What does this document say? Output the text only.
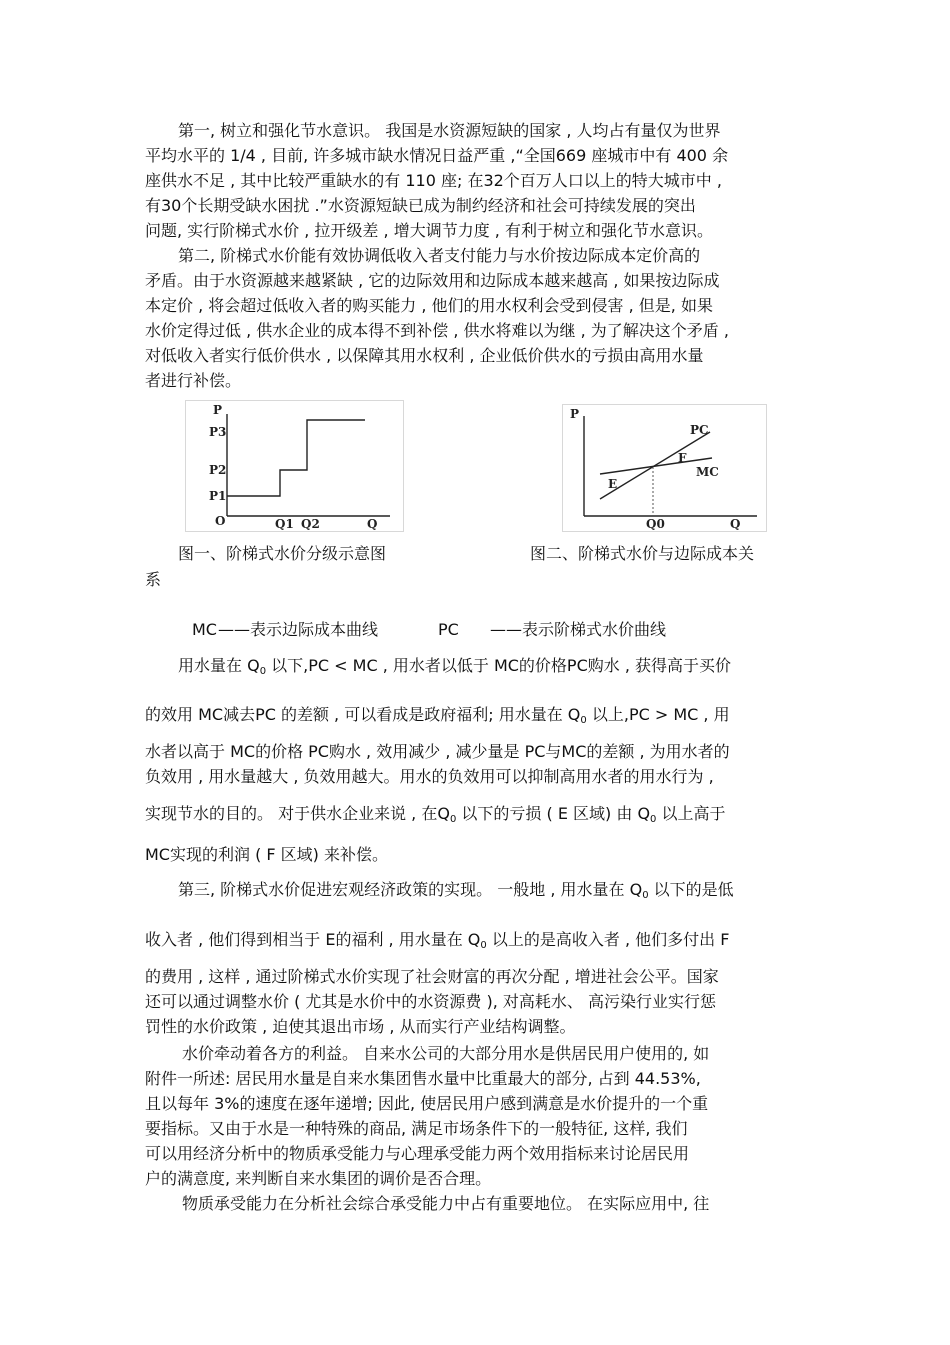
第一, 树立和强化节水意识。 我国是水资源短缺的国家 , 人均占有量仅为世界
平均水平的 1/4 , 目前, 许多城市缺水情况日益严重 ,“全国669 座城市中有 400 余
座供水不足 , 其中比较严重缺水的有 110 座; 在32个百万人口以上的特大城市中 ,
有30个长期受缺水困扰 .”水资源短缺已成为制约经济和社会可持续发展的突出
问题, 实行阶梯式水价 , 拉开级差 , 增大调节力度 , 有利于树立和强化节水意识。
第二, 阶梯式水价能有效协调低收入者支付能力与水价按边际成本定价高的
矛盾。由于水资源越来越紧缺 , 它的边际效用和边际成本越来越高 , 如果按边际成
本定价 , 将会超过低收入者的购买能力 , 他们的用水权利会受到侵害 , 但是, 如果
水价定得过低 , 供水企业的成本得不到补偿 , 供水将难以为继 , 为了解决这个矛盾 ,
对低收入者实行低价供水 , 以保障其用水权利 , 企业低价供水的亏损由高用水量
者进行补偿。
P
P3
P2
P1
O	Q1 Q2	Q
P
PC
MC
E
F
Q0	Q
图一、阶梯式水价分级示意图	图二、阶梯式水价与边际成本关
系
MC ——表示边际成本曲线	PC ——表示阶梯式水价曲线
用水量在 $Q_0$ 以下,PC < MC , 用水者以低于 MC的价格PC购水 , 获得高于买价
的效用 MC减去PC 的差额 , 可以看成是政府福利; 用水量在 $Q_0$ 以上,PC > MC , 用
水者以高于 MC的价格 PC购水 , 效用减少 , 减少量是 PC与MC的差额 , 为用水者的
负效用 , 用水量越大 , 负效用越大。用水的负效用可以抑制高用水者的用水行为 ,
实现节水的目的。 对于供水企业来说 , 在$Q_0$ 以下的亏损 ( E 区域) 由 $Q_0$ 以上高于
MC实现的利润 ( F 区域) 来补偿。
第三, 阶梯式水价促进宏观经济政策的实现。 一般地 , 用水量在 $Q_0$ 以下的是低
收入者 , 他们得到相当于 E的福利 , 用水量在 $Q_0$ 以上的是高收入者 , 他们多付出 F
的费用 , 这样 , 通过阶梯式水价实现了社会财富的再次分配 , 增进社会公平。国家
还可以通过调整水价 ( 尤其是水价中的水资源费 ), 对高耗水、 高污染行业实行惩
罚性的水价政策 , 迫使其退出市场 , 从而实行产业结构调整。
水价牵动着各方的利益。 自来水公司的大部分用水是供居民用户使用的, 如
附件一所述: 居民用水量是自来水集团售水量中比重最大的部分, 占到 44.53%,
且以每年 3%的速度在逐年递增; 因此, 使居民用户感到满意是水价提升的一个重
要指标。又由于水是一种特殊的商品, 满足市场条件下的一般特征, 这样, 我们
可以用经济分析中的物质承受能力与心理承受能力两个效用指标来讨论居民用
户的满意度, 来判断自来水集团的调价是否合理。
物质承受能力在分析社会综合承受能力中占有重要地位。 在实际应用中, 往
